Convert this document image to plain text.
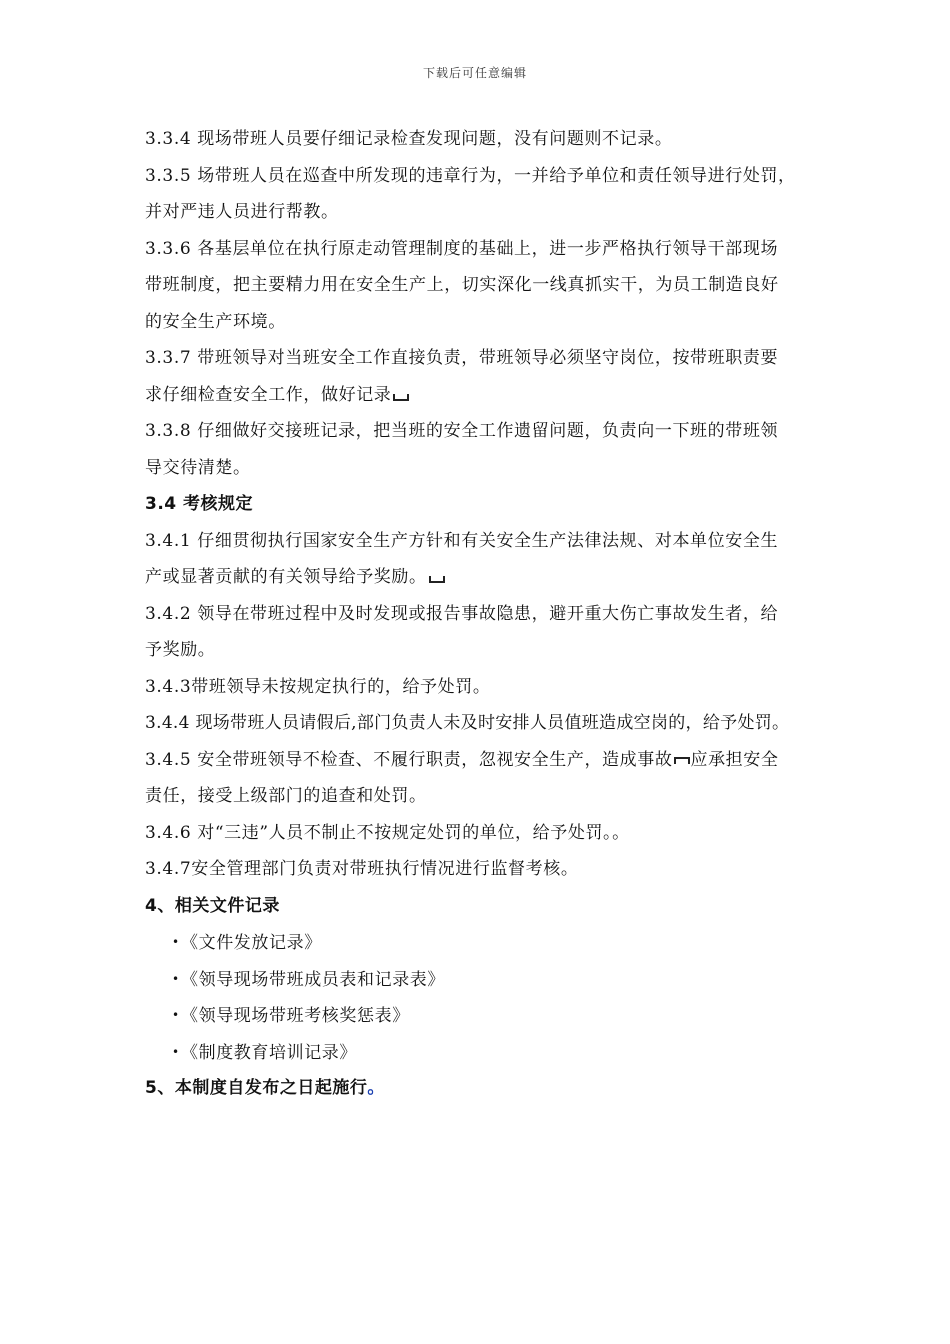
下载后可任意编辑
3.3.4 现场带班人员要仔细记录检查发现问题，没有问题则不记录。
3.3.5 场带班人员在巡查中所发现的违章行为，一并给予单位和责任领导进行处罚，
并对严违人员进行帮教。
3.3.6 各基层单位在执行原走动管理制度的基础上，进一步严格执行领导干部现场
带班制度，把主要精力用在安全生产上，切实深化一线真抓实干，为员工制造良好
的安全生产环境。
3.3.7 带班领导对当班安全工作直接负责，带班领导必须坚守岗位，按带班职责要
求仔细检查安全工作，做好记录
3.3.8 仔细做好交接班记录，把当班的安全工作遗留问题，负责向一下班的带班领
导交待清楚。
3.4 考核规定
3.4.1 仔细贯彻执行国家安全生产方针和有关安全生产法律法规、对本单位安全生
产或显著贡献的有关领导给予奖励。
3.4.2 领导在带班过程中及时发现或报告事故隐患，避开重大伤亡事故发生者，给
予奖励。
3.4.3带班领导未按规定执行的，给予处罚。
3.4.4 现场带班人员请假后,部门负责人未及时安排人员值班造成空岗的，给予处罚。
3.4.5 安全带班领导不检查、不履行职责，忽视安全生产，造成事故 应承担安全
责任，接受上级部门的追查和处罚。
3.4.6 对“三违”人员不制止不按规定处罚的单位，给予处罚。。
3.4.7安全管理部门负责对带班执行情况进行监督考核。
4、相关文件记录
•《文件发放记录》
•《领导现场带班成员表和记录表》
•《领导现场带班考核奖惩表》
•《制度教育培训记录》
5、本制度自发布之日起施行。
